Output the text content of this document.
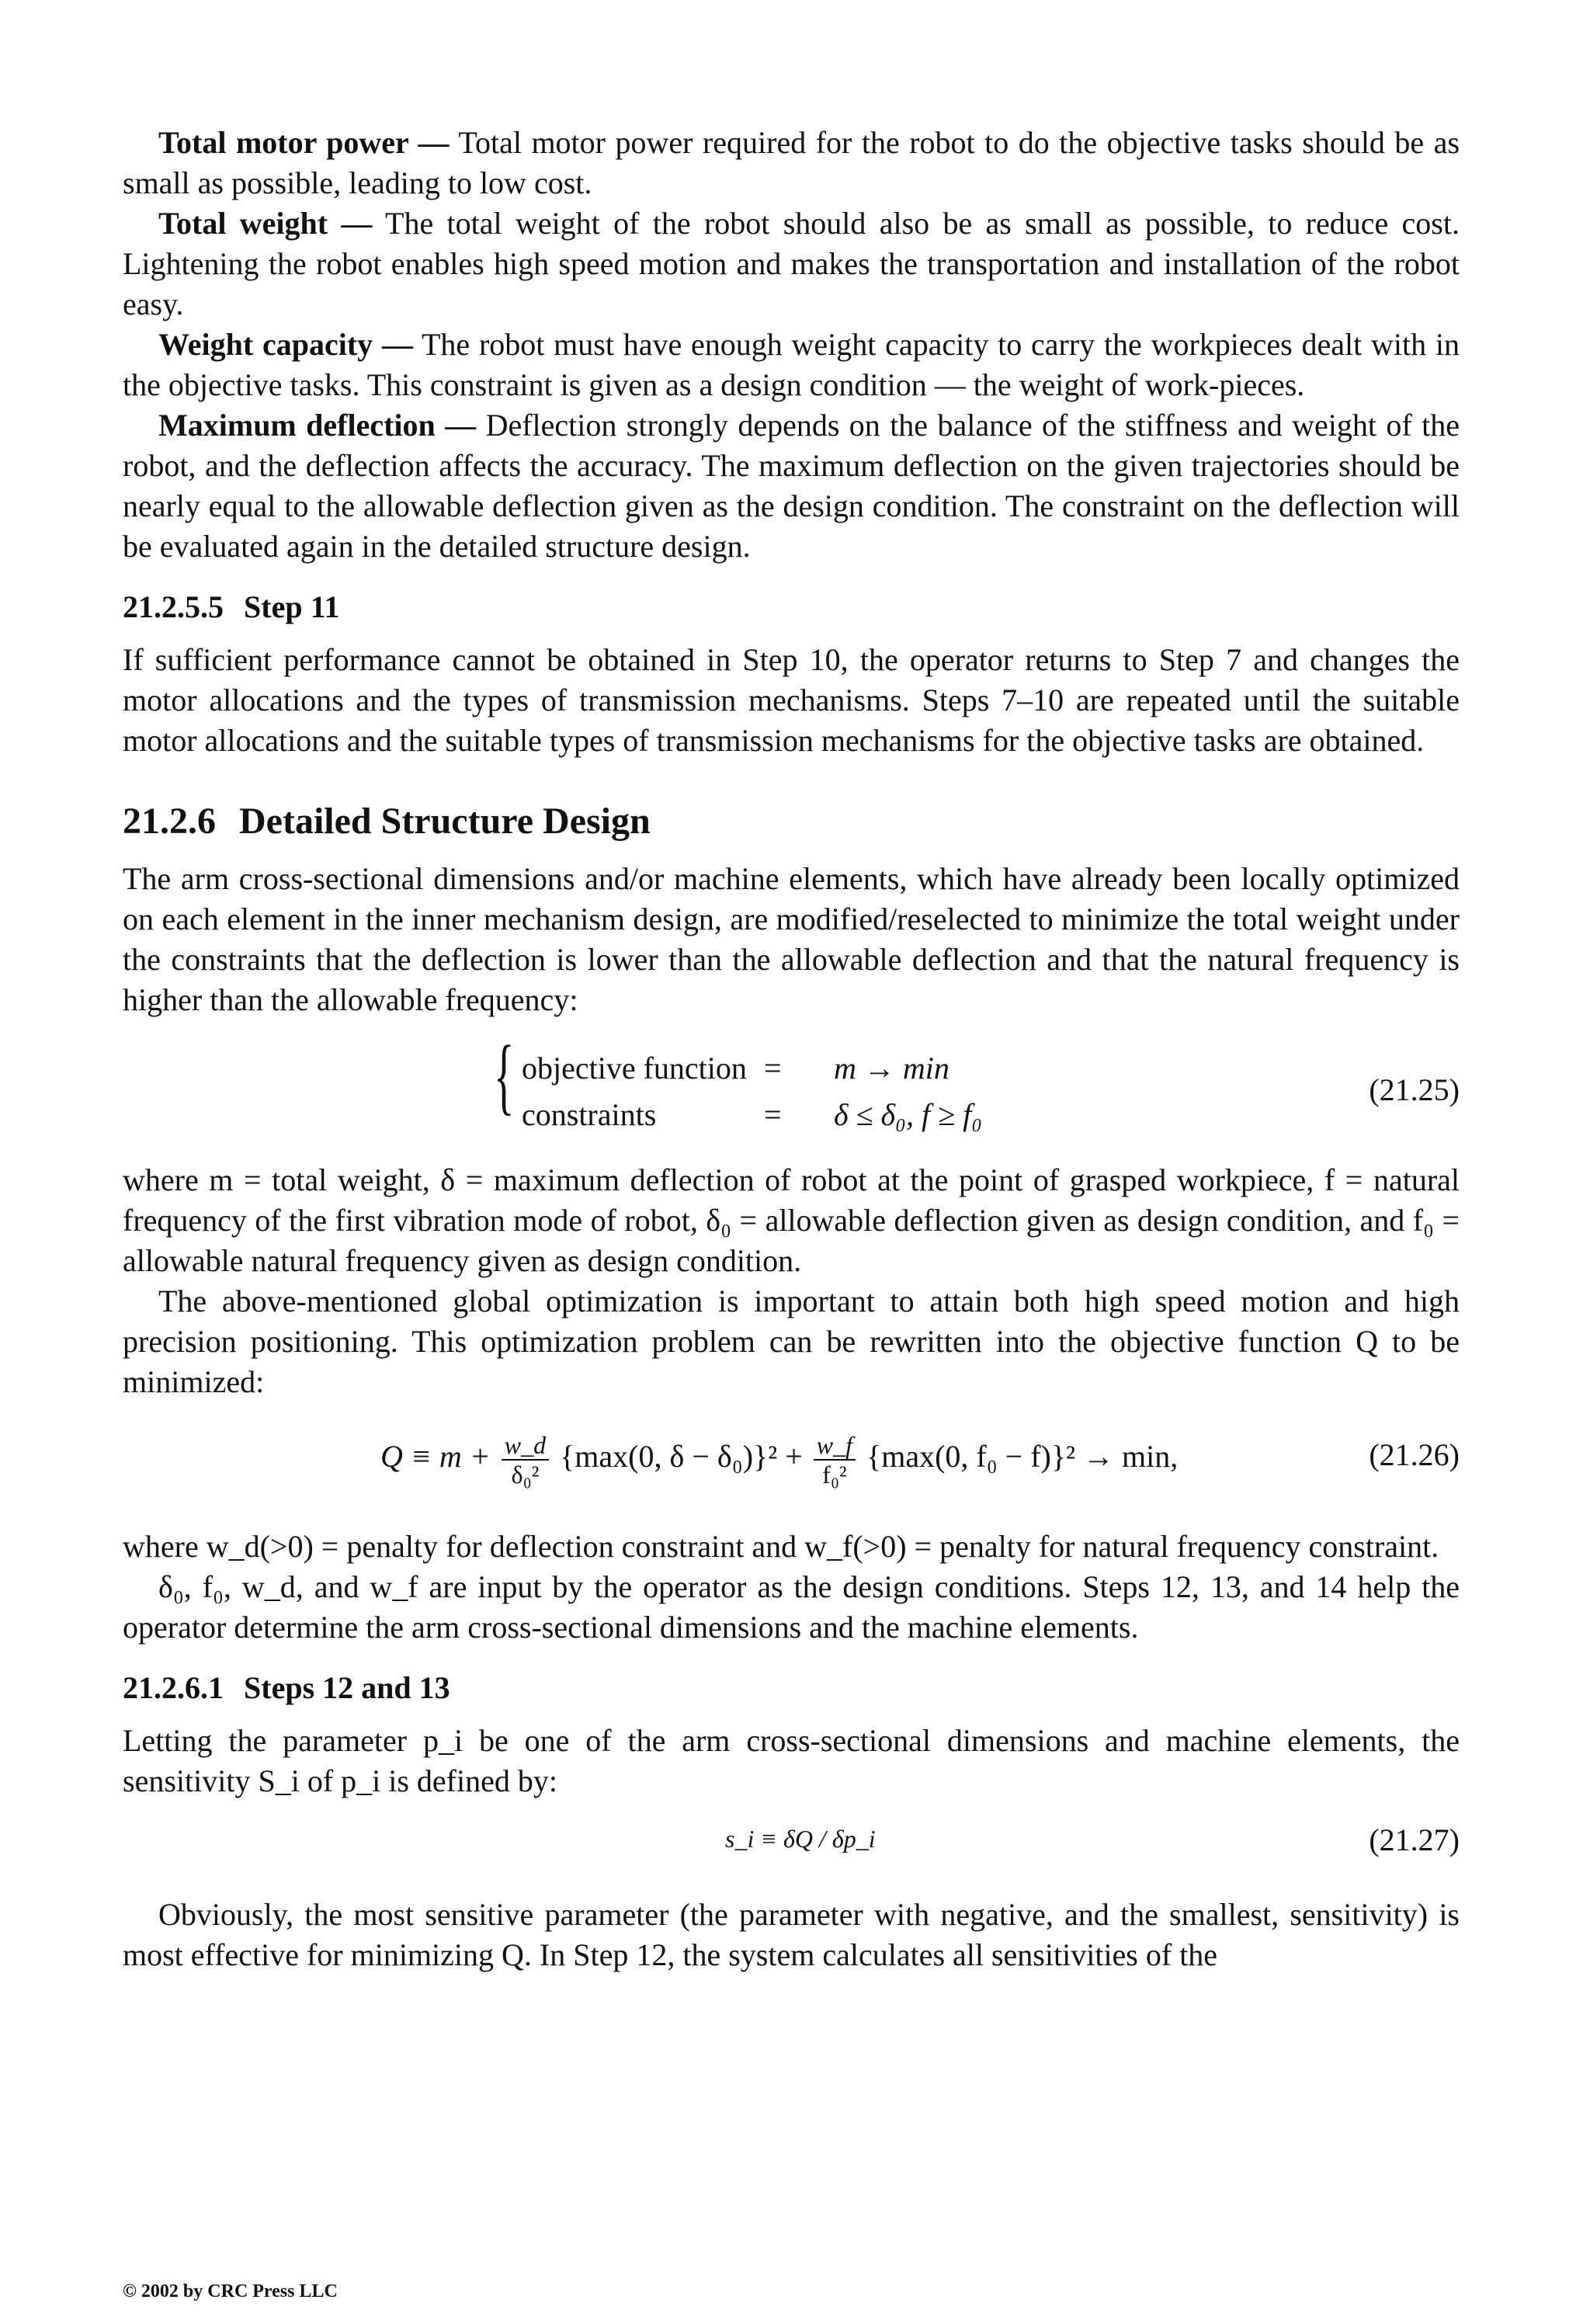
Total motor power — Total motor power required for the robot to do the objective tasks should be as small as possible, leading to low cost.

Total weight — The total weight of the robot should also be as small as possible, to reduce cost. Lightening the robot enables high speed motion and makes the transportation and installation of the robot easy.

Weight capacity — The robot must have enough weight capacity to carry the workpieces dealt with in the objective tasks. This constraint is given as a design condition — the weight of work-pieces.

Maximum deflection — Deflection strongly depends on the balance of the stiffness and weight of the robot, and the deflection affects the accuracy. The maximum deflection on the given trajectories should be nearly equal to the allowable deflection given as the design condition. The constraint on the deflection will be evaluated again in the detailed structure design.

21.2.5.5 Step 11

If sufficient performance cannot be obtained in Step 10, the operator returns to Step 7 and changes the motor allocations and the types of transmission mechanisms. Steps 7–10 are repeated until the suitable motor allocations and the suitable types of transmission mechanisms for the objective tasks are obtained.

21.2.6 Detailed Structure Design

The arm cross-sectional dimensions and/or machine elements, which have already been locally optimized on each element in the inner mechanism design, are modified/reselected to minimize the total weight under the constraints that the deflection is lower than the allowable deflection and that the natural frequency is higher than the allowable frequency:

{ objective function = m → min
constraints	= δ ≤ δ₀, f ≥ f₀
(21.25)

where m = total weight, δ = maximum deflection of robot at the point of grasped workpiece, f = natural frequency of the first vibration mode of robot, δ₀ = allowable deflection given as design condition, and f₀ = allowable natural frequency given as design condition.

The above-mentioned global optimization is important to attain both high speed motion and high precision positioning. This optimization problem can be rewritten into the objective function Q to be minimized:

$Q \equiv m + \frac{w\_d}{\text{δ₀²}} \{\max(0$, $\delta - \delta_0)\}^2 + \frac{w\_f}{\text{f₀²}} \{\max(0$, f₀ − f)}² → min,	(21.26)

where w_d(>0) = penalty for deflection constraint and w_f(>0) = penalty for natural frequency constraint.

δ₀, f₀, w_d, and w_f are input by the operator as the design conditions. Steps 12, 13, and 14 help the operator determine the arm cross-sectional dimensions and the machine elements.

21.2.6.1 Steps 12 and 13

Letting the parameter p_i be one of the arm cross-sectional dimensions and machine elements, the sensitivity S_i of p_i is defined by:

s_i ≡ δQ / δp_i	(21.27)

Obviously, the most sensitive parameter (the parameter with negative, and the smallest, sensitivity) is most effective for minimizing Q. In Step 12, the system calculates all sensitivities of the

© 2002 by CRC Press LLC
